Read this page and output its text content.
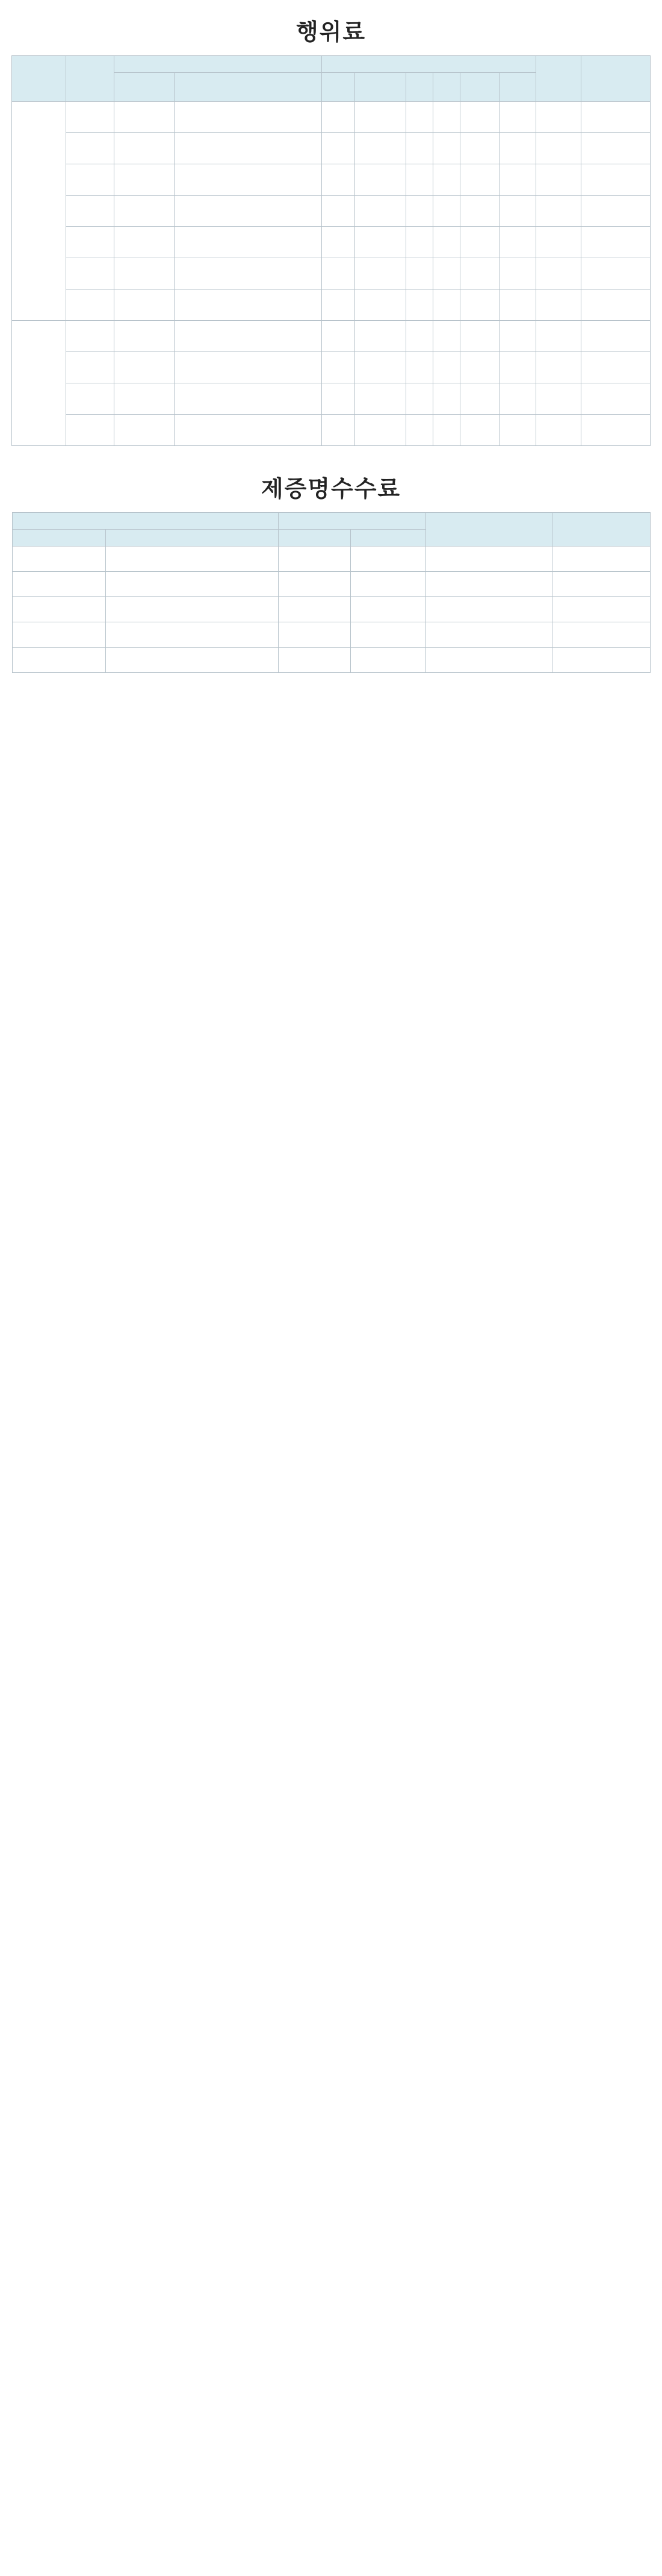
행위료

제증명수수료
